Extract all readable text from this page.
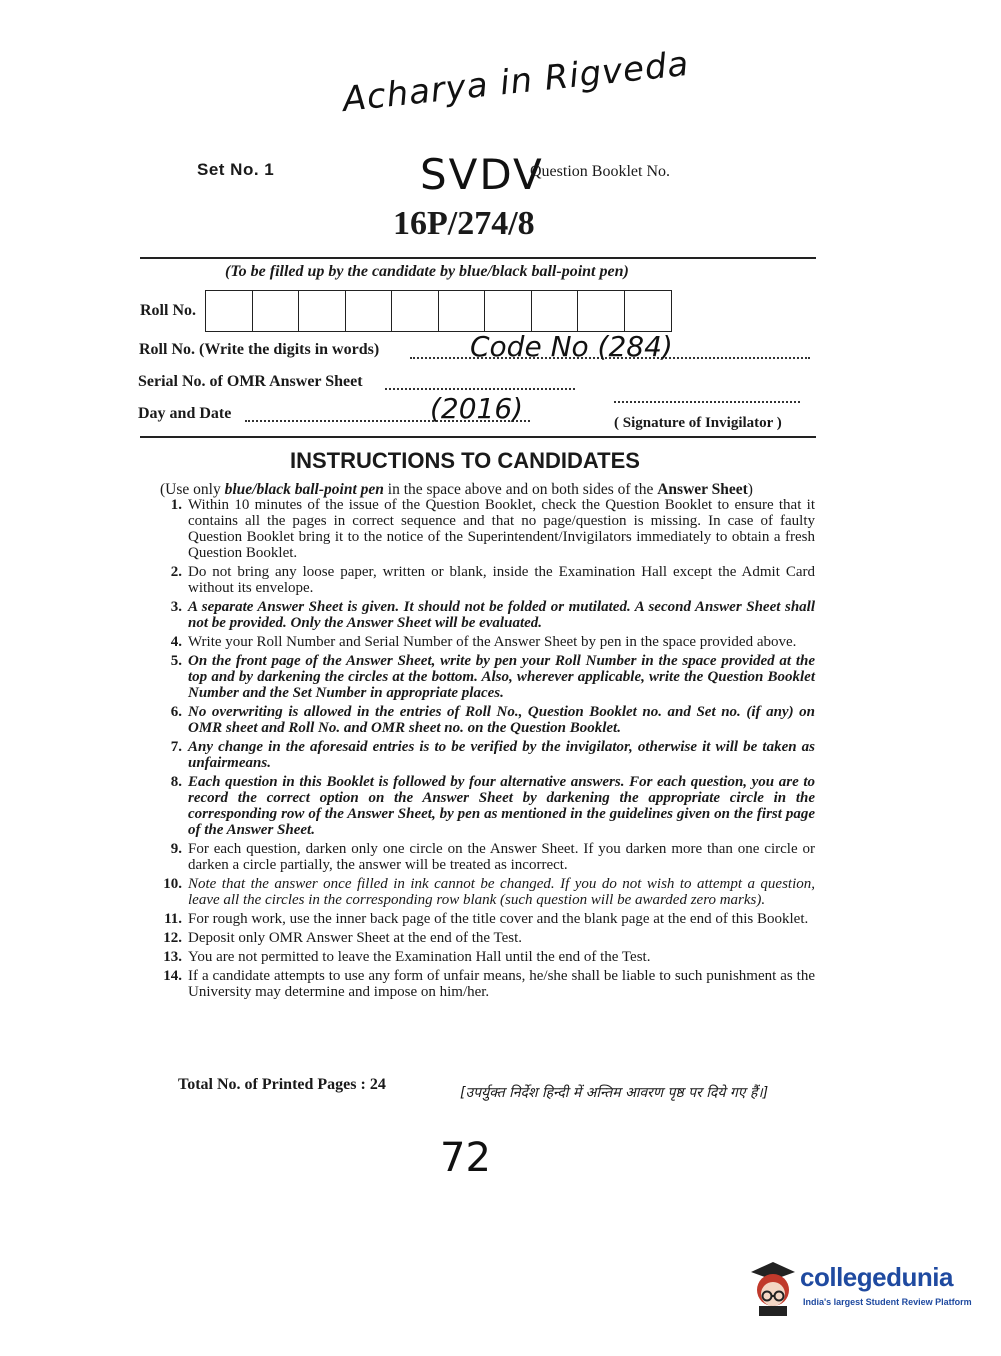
Acharya in Rigveda
SVDV
Set No. 1	Question Booklet No.
16P/274/8
(To be filled up by the candidate by blue/black ball-point pen)
Roll No.
Roll No. (Write the digits in words)	Code No (284)
Serial No. of OMR Answer Sheet
Day and Date	(2016)	( Signature of Invigilator )
INSTRUCTIONS TO CANDIDATES
(Use only blue/black ball-point pen in the space above and on both sides of the Answer Sheet)
1. Within 10 minutes of the issue of the Question Booklet, check the Question Booklet to ensure that it contains all the pages in correct sequence and that no page/question is missing. In case of faulty Question Booklet bring it to the notice of the Superintendent/Invigilators immediately to obtain a fresh Question Booklet.
2. Do not bring any loose paper, written or blank, inside the Examination Hall except the Admit Card without its envelope.
3. A separate Answer Sheet is given. It should not be folded or mutilated. A second Answer Sheet shall not be provided. Only the Answer Sheet will be evaluated.
4. Write your Roll Number and Serial Number of the Answer Sheet by pen in the space provided above.
5. On the front page of the Answer Sheet, write by pen your Roll Number in the space provided at the top and by darkening the circles at the bottom. Also, wherever applicable, write the Question Booklet Number and the Set Number in appropriate places.
6. No overwriting is allowed in the entries of Roll No., Question Booklet no. and Set no. (if any) on OMR sheet and Roll No. and OMR sheet no. on the Question Booklet.
7. Any change in the aforesaid entries is to be verified by the invigilator, otherwise it will be taken as unfairmeans.
8. Each question in this Booklet is followed by four alternative answers. For each question, you are to record the correct option on the Answer Sheet by darkening the appropriate circle in the corresponding row of the Answer Sheet, by pen as mentioned in the guidelines given on the first page of the Answer Sheet.
9. For each question, darken only one circle on the Answer Sheet. If you darken more than one circle or darken a circle partially, the answer will be treated as incorrect.
10. Note that the answer once filled in ink cannot be changed. If you do not wish to attempt a question, leave all the circles in the corresponding row blank (such question will be awarded zero marks).
11. For rough work, use the inner back page of the title cover and the blank page at the end of this Booklet.
12. Deposit only OMR Answer Sheet at the end of the Test.
13. You are not permitted to leave the Examination Hall until the end of the Test.
14. If a candidate attempts to use any form of unfair means, he/she shall be liable to such punishment as the University may determine and impose on him/her.
Total No. of Printed Pages : 24	[उपर्युक्त निर्देश हिन्दी में अन्तिम आवरण पृष्ठ पर दिये गए हैं।]
72
collegedunia
India's largest Student Review Platform
